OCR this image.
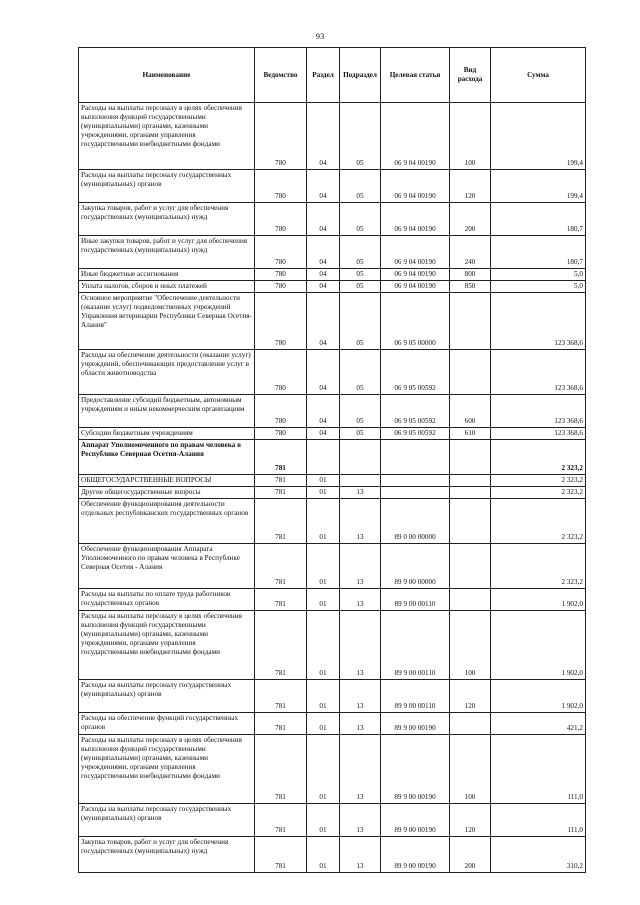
93
Наименование	Ведомство	Раздел	Подраздел	Целевая статья	Вид расхода	Сумма
Расходы на выплаты персоналу в целях обеспечения выполнения функций государственными (муниципальными) органами, казенными учреждениями, органами управления государственными внебюджетными фондами	780	04	05	06 9 04 00190	100	199,4
Расходы на выплаты персоналу государственных (муниципальных) органов	780	04	05	06 9 04 00190	120	199,4
Закупка товаров, работ и услуг для обеспечения государственных (муниципальных) нужд	780	04	05	06 9 04 00190	200	180,7
Иные закупки товаров, работ и услуг для обеспечения государственных (муниципальных) нужд	780	04	05	06 9 04 00190	240	180,7
Иные бюджетные ассигнования	780	04	05	06 9 04 00190	800	5,0
Уплата налогов, сборов и иных платежей	780	04	05	06 9 04 00190	850	5,0
Основное мероприятие "Обеспечение деятельности (оказание услуг) подведомственных учреждений Управления ветеринарии Республики Северная Осетия-Алания"	780	04	05	06 9 05 00000		123 368,6
Расходы на обеспечение деятельности (оказание услуг) учреждений, обеспечивающих предоставление услуг в области животноводства	780	04	05	06 9 05 00592		123 368,6
Предоставление субсидий бюджетным, автономным учреждениям и иным некоммерческим организациям	780	04	05	06 9 05 00592	600	123 368,6
Субсидии бюджетным учреждениям	780	04	05	06 9 05 00592	610	123 368,6
Аппарат Уполномоченного по правам человека в Республике Северная Осетия-Алания	781					2 323,2
ОБЩЕГОСУДАРСТВЕННЫЕ ВОПРОСЫ	781	01				2 323,2
Другие общегосударственные вопросы	781	01	13			2 323,2
Обеспечение функционирования деятельности отдельных республиканских государственных органов	781	01	13	89 0 00 00000		2 323,2
Обеспечение функционирования Аппарата Уполномоченного по правам человека в Республике Северная Осетия - Алания	781	01	13	89 9 00 00000		2 323,2
Расходы на выплаты по оплате труда работников государственных органов	781	01	13	89 9 00 00110		1 902,0
Расходы на выплаты персоналу в целях обеспечения выполнения функций государственными (муниципальными) органами, казенными учреждениями, органами управления государственными внебюджетными фондами	781	01	13	89 9 00 00110	100	1 902,0
Расходы на выплаты персоналу государственных (муниципальных) органов	781	01	13	89 9 00 00110	120	1 902,0
Расходы на обеспечение функций государственных органов	781	01	13	89 9 00 00190		421,2
Расходы на выплаты персоналу в целях обеспечения выполнения функций государственными (муниципальными) органами, казенными учреждениями, органами управления государственными внебюджетными фондами	781	01	13	89 9 00 00190	100	111,0
Расходы на выплаты персоналу государственных (муниципальных) органов	781	01	13	89 9 00 00190	120	111,0
Закупка товаров, работ и услуг для обеспечения государственных (муниципальных) нужд	781	01	13	89 9 00 00190	200	310,2
